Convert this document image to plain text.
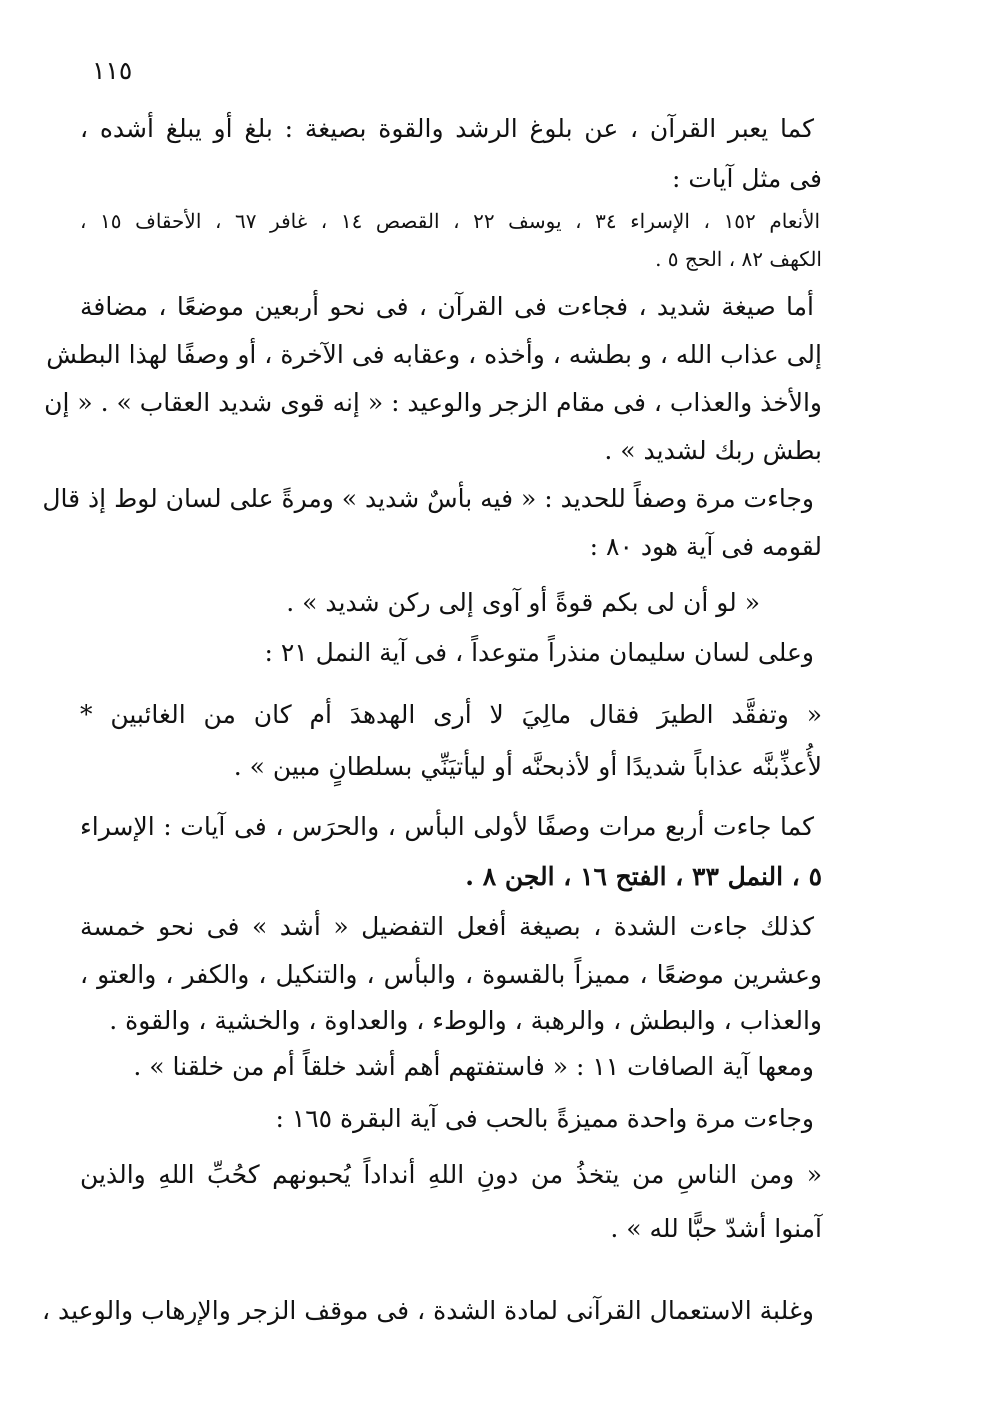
١١٥
كما يعبر القرآن ، عن بلوغ الرشد والقوة بصيغة : بلغ أو يبلغ أشده ،
فى مثل آيات :
الأنعام ١٥٢ ، الإسراء ٣٤ ، يوسف ٢٢ ، القصص ١٤ ، غافر ٦٧ ، الأحقاف ١٥ ،
الكهف ٨٢ ، الحج ٥ .
أما صيغة شديد ، فجاءت فى القرآن ، فى نحو أربعين موضعًا ، مضافة
إلى عذاب الله ، و بطشه ، وأخذه ، وعقابه فى الآخرة ، أو وصفًا لهذا البطش
والأخذ والعذاب ، فى مقام الزجر والوعيد : « إنه قوى شديد العقاب » . « إن
بطش ربك لشديد » .
وجاءت مرة وصفاً للحديد : « فيه بأسٌ شديد » ومرةً على لسان لوط إذ قال
لقومه فى آية هود ٨٠ :
« لو أن لى بكم قوةً أو آوى إلى ركن شديد » .
وعلى لسان سليمان منذراً متوعداً ، فى آية النمل ٢١ :
« وتفقَّد الطيرَ فقال مالِيَ لا أرى الهدهدَ أم كان من الغائبين *
لأُعذِّبنَّه عذاباً شديدًا أو لأذبحنَّه أو ليأتيَنِّي بسلطانٍ مبين » .
كما جاءت أربع مرات وصفًا لأولى البأس ، والحرَس ، فى آيات : الإسراء
٥ ، النمل ٣٣ ، الفتح ١٦ ، الجن ٨ .
كذلك جاءت الشدة ، بصيغة أفعل التفضيل « أشد » فى نحو خمسة
وعشرين موضعًا ، مميزاً بالقسوة ، والبأس ، والتنكيل ، والكفر ، والعتو ،
والعذاب ، والبطش ، والرهبة ، والوطء ، والعداوة ، والخشية ، والقوة .
ومعها آية الصافات ١١ : « فاستفتهم أهم أشد خلقاً أم من خلقنا » .
وجاءت مرة واحدة مميزةً بالحب فى آية البقرة ١٦٥ :
« ومن الناسِ من يتخذُ من دونِ اللهِ أنداداً يُحبونهم كحُبِّ اللهِ والذين
آمنوا أشدّ حبًّا لله » .
وغلبة الاستعمال القرآنى لمادة الشدة ، فى موقف الزجر والإرهاب والوعيد ،
